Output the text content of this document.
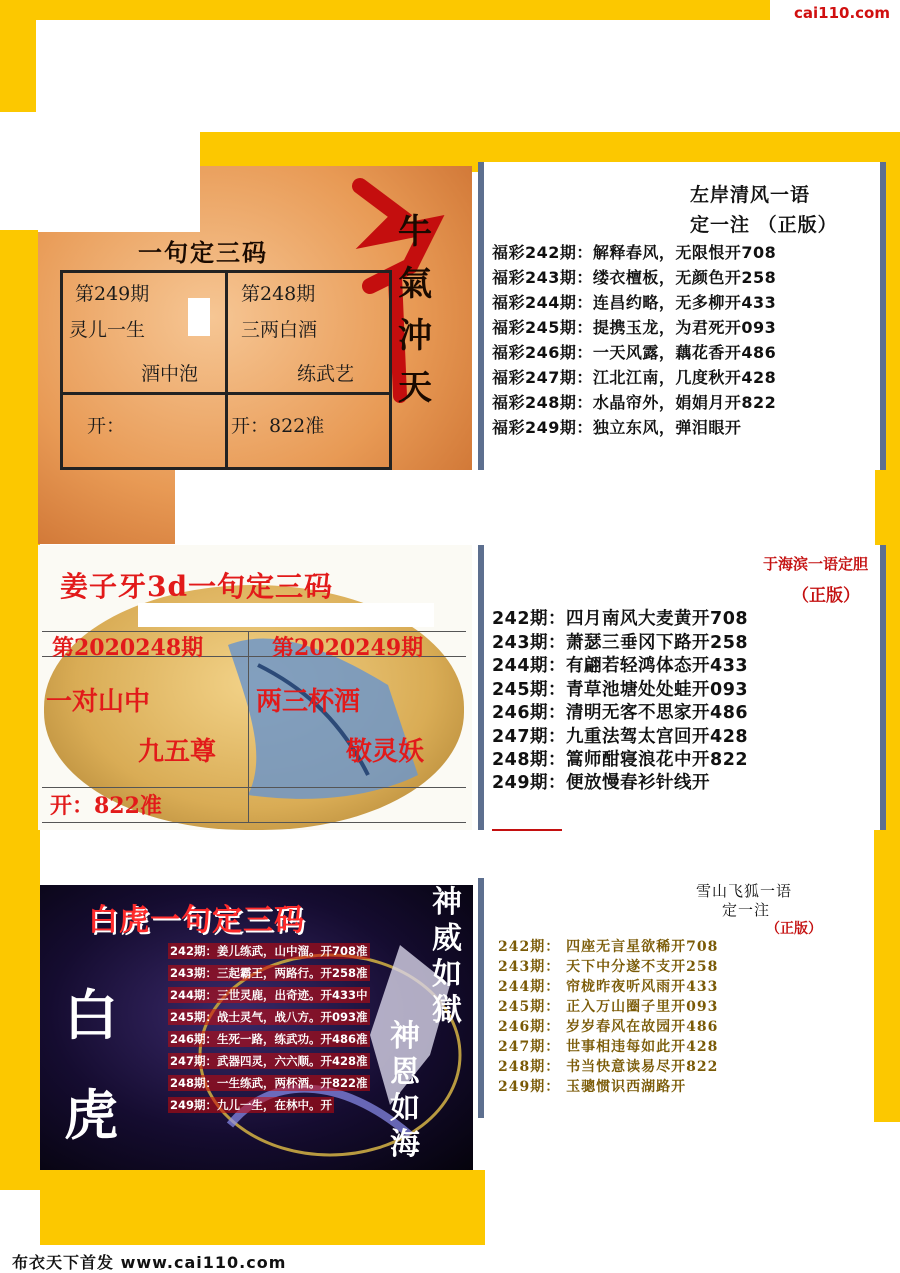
cai110.com
一句定三码
牛氣沖天
第249期
灵儿一生
酒中泡
开：
第248期
三两白酒
练武艺
开：822准
左岸清风一语
定一注 （正版）
福彩242期：解释春风，无限恨开708
福彩243期：缕衣檀板，无颜色开258
福彩244期：连昌约略，无多柳开433
福彩245期：提携玉龙，为君死开093
福彩246期：一天风露，藕花香开486
福彩247期：江北江南，几度秋开428
福彩248期：水晶帘外，娟娟月开822
福彩249期：独立东风，弹泪眼开
姜子牙3d一句定三码
第2020248期	第2020249期
一对山中
九五尊
两三杯酒
敬灵妖
开：822准
于海滨一语定胆
（正版）
242期：四月南风大麦黄开708
243期：萧瑟三垂冈下路开258
244期：有翩若轻鸿体态开433
245期：青草池塘处处蛙开093
246期：清明无客不思家开486
247期：九重法驾太宫回开428
248期：篙师酣寝浪花中开822
249期：便放慢春衫针线开
白虎一句定三码
白虎
神威如獄
神恩如海
242期：姜儿练武，山中溜。开708准
243期：三起霸王，两路行。开258准
244期：三世灵鹿，出奇迹。开433中
245期：战士灵气，战八方。开093准
246期：生死一路，练武功。开486准
247期：武器四灵，六六顺。开428准
248期：一生练武，两杯酒。开822准
249期：九儿一生，在林中。开
雪山飞狐一语
定一注
（正版）
242期： 四座无言星欲稀开708
243期： 天下中分遂不支开258
244期： 帘栊昨夜听风雨开433
245期： 正入万山圈子里开093
246期： 岁岁春风在故园开486
247期： 世事相违每如此开428
248期： 书当快意读易尽开822
249期： 玉骢惯识西湖路开
布衣天下首发 www.cai110.com
